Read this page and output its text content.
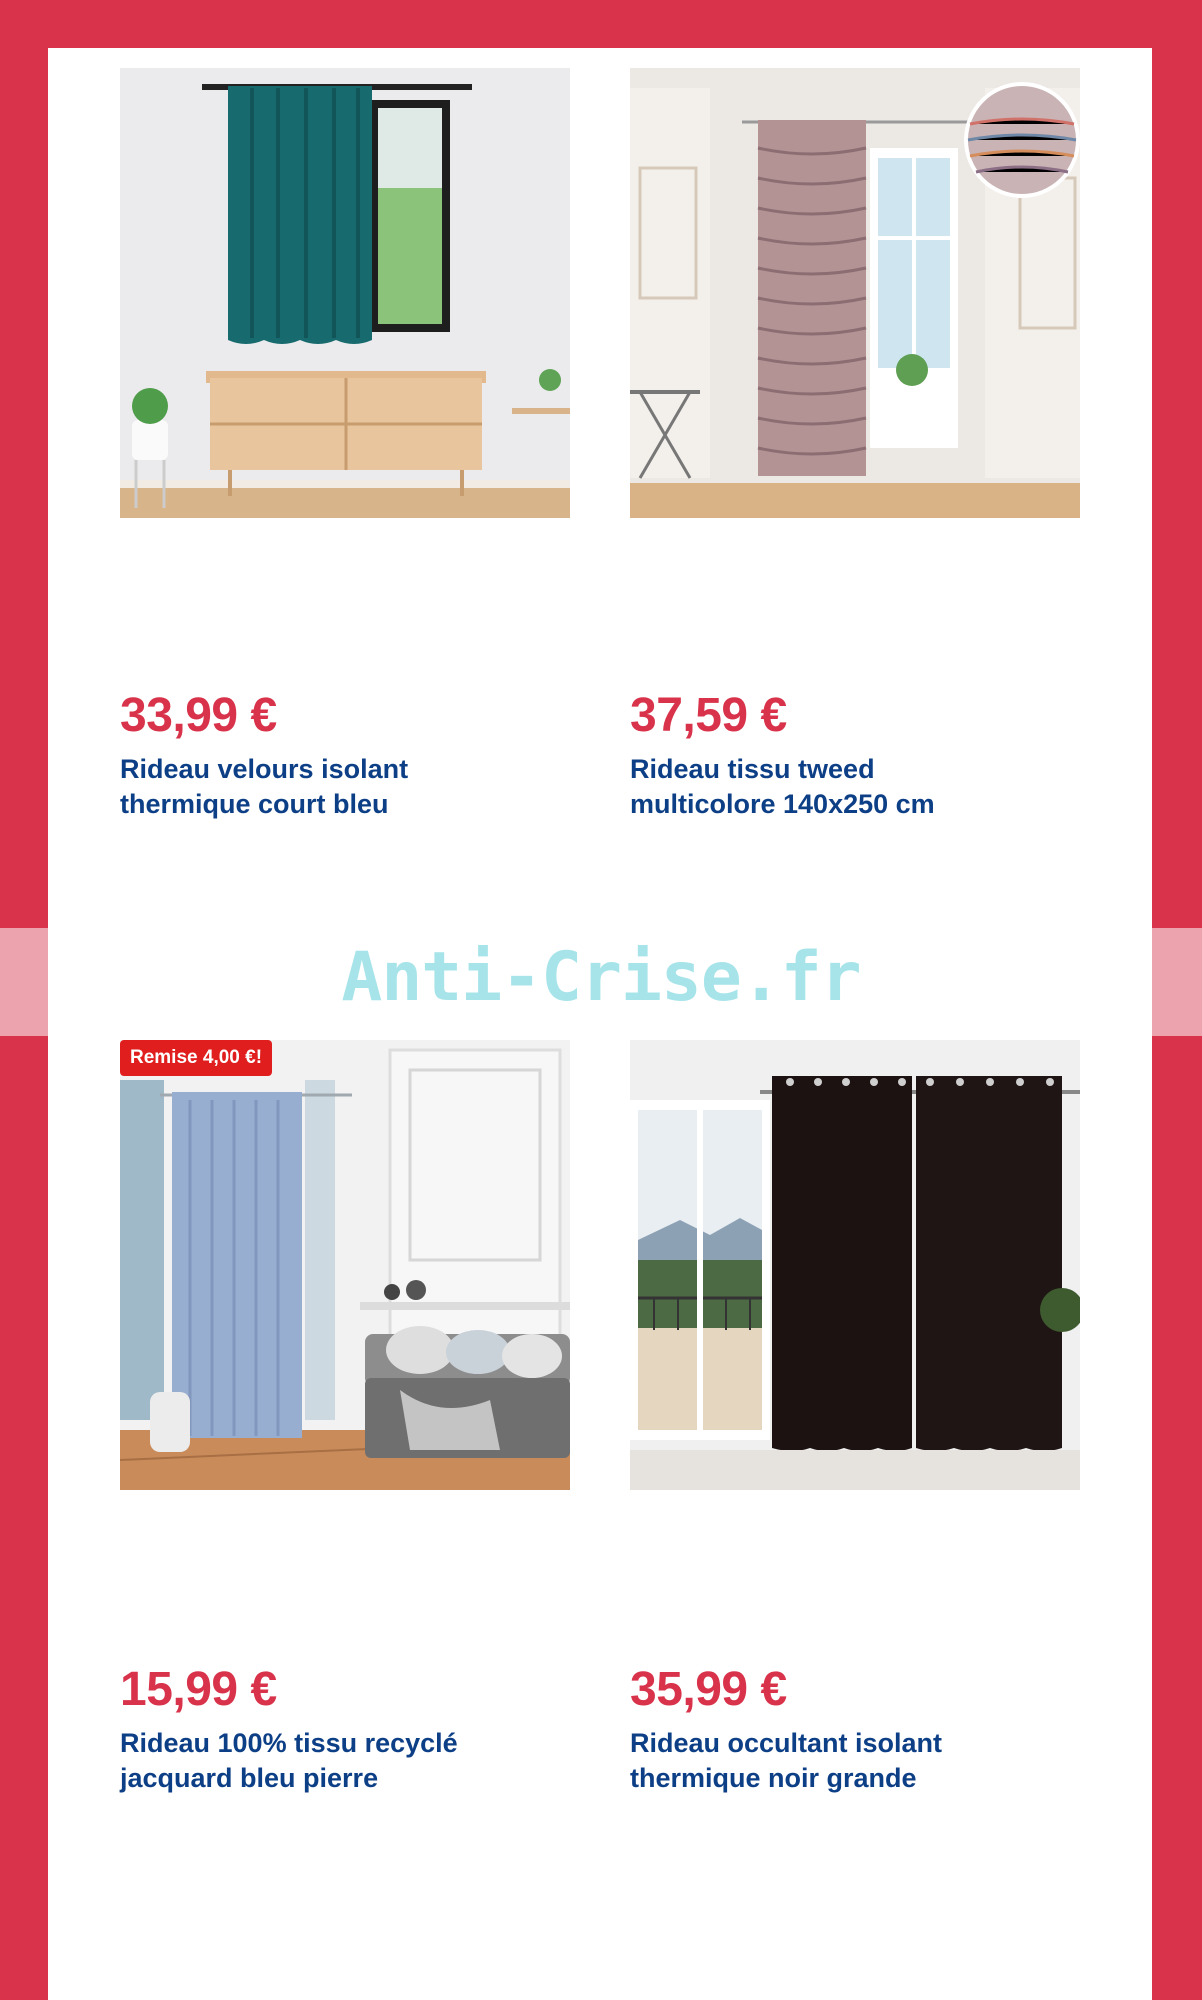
Anti-Crise.fr
33,99 €
Rideau velours isolant
thermique court bleu
37,59 €
Rideau tissu tweed
multicolore 140x250 cm
Remise 4,00 €!
15,99 €
Rideau 100% tissu recyclé
jacquard bleu pierre
35,99 €
Rideau occultant isolant
thermique noir grande
